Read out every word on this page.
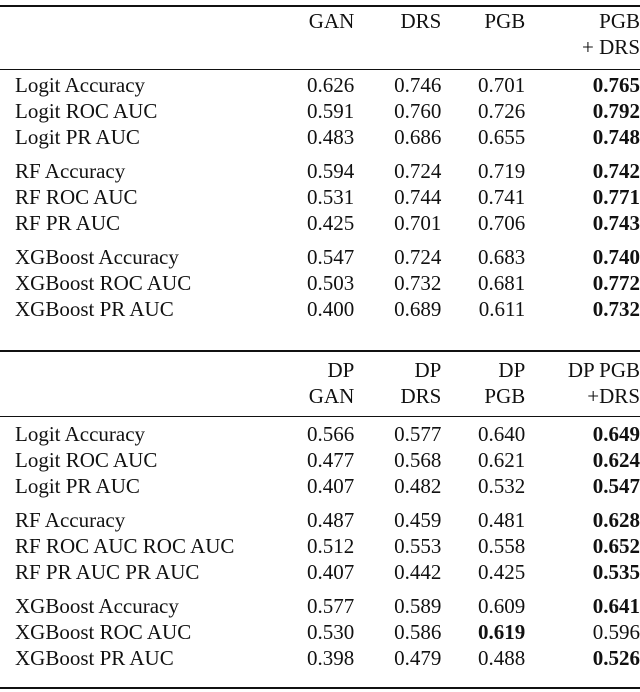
	GAN	DRS	PGB	PGB
				+ DRS

Logit Accuracy	0.626	0.746	0.701	0.765
Logit ROC AUC	0.591	0.760	0.726	0.792
Logit PR AUC	0.483	0.686	0.655	0.748
RF Accuracy	0.594	0.724	0.719	0.742
RF ROC AUC	0.531	0.744	0.741	0.771
RF PR AUC	0.425	0.701	0.706	0.743
XGBoost Accuracy	0.547	0.724	0.683	0.740
XGBoost ROC AUC	0.503	0.732	0.681	0.772
XGBoost PR AUC	0.400	0.689	0.611	0.732
	DP	DP	DP	DP PGB
	GAN	DRS	PGB	+DRS

Logit Accuracy	0.566	0.577	0.640	0.649
Logit ROC AUC	0.477	0.568	0.621	0.624
Logit PR AUC	0.407	0.482	0.532	0.547
RF Accuracy	0.487	0.459	0.481	0.628
RF ROC AUC ROC AUC	0.512	0.553	0.558	0.652
RF PR AUC PR AUC	0.407	0.442	0.425	0.535
XGBoost Accuracy	0.577	0.589	0.609	0.641
XGBoost ROC AUC	0.530	0.586	0.619	0.596
XGBoost PR AUC	0.398	0.479	0.488	0.526
